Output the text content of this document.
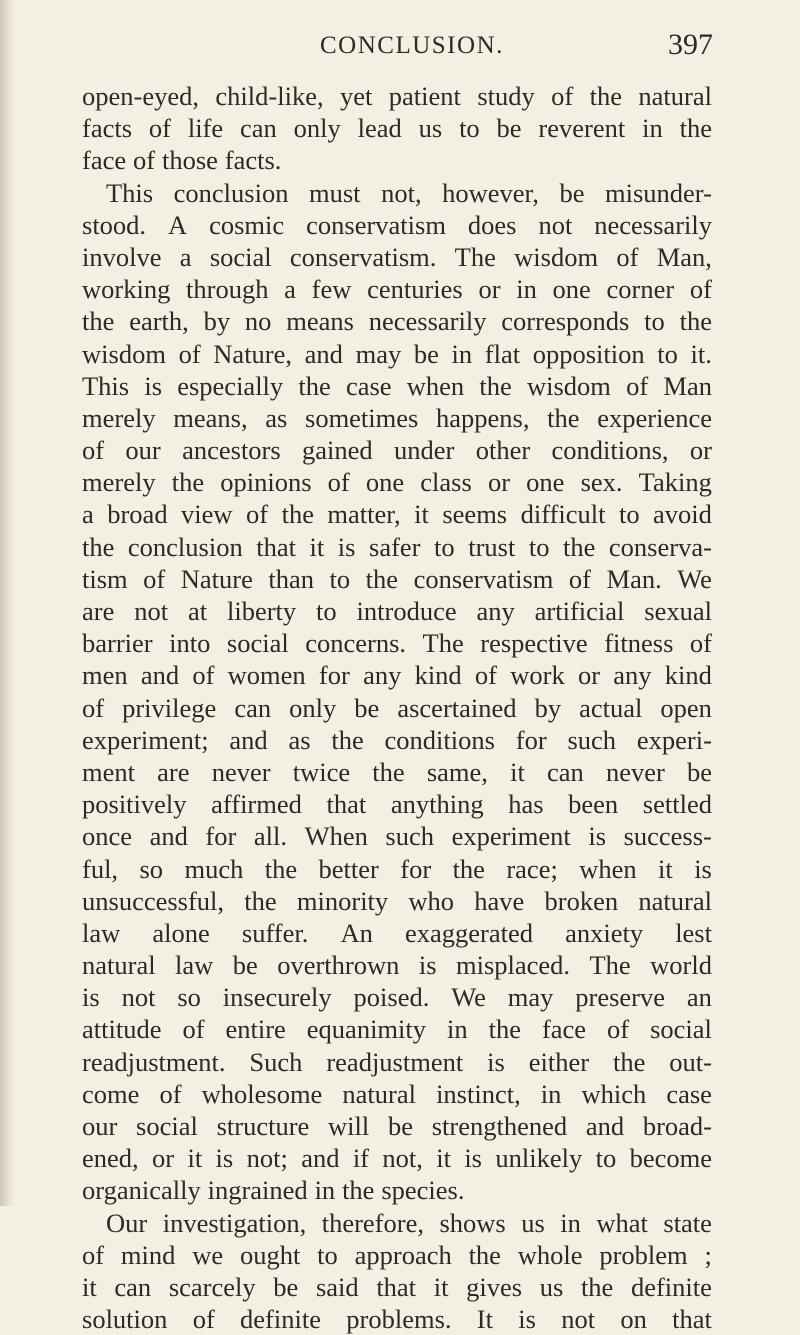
CONCLUSION.	397
open-eyed, child-like, yet patient study of the natural
facts of life can only lead us to be reverent in the
face of those facts.
This conclusion must not, however, be misunder-
stood. A cosmic conservatism does not necessarily
involve a social conservatism. The wisdom of Man,
working through a few centuries or in one corner of
the earth, by no means necessarily corresponds to the
wisdom of Nature, and may be in flat opposition to it.
This is especially the case when the wisdom of Man
merely means, as sometimes happens, the experience
of our ancestors gained under other conditions, or
merely the opinions of one class or one sex. Taking
a broad view of the matter, it seems difficult to avoid
the conclusion that it is safer to trust to the conserva-
tism of Nature than to the conservatism of Man. We
are not at liberty to introduce any artificial sexual
barrier into social concerns. The respective fitness of
men and of women for any kind of work or any kind
of privilege can only be ascertained by actual open
experiment; and as the conditions for such experi-
ment are never twice the same, it can never be
positively affirmed that anything has been settled
once and for all. When such experiment is success-
ful, so much the better for the race; when it is
unsuccessful, the minority who have broken natural
law alone suffer. An exaggerated anxiety lest
natural law be overthrown is misplaced. The world
is not so insecurely poised. We may preserve an
attitude of entire equanimity in the face of social
readjustment. Such readjustment is either the out-
come of wholesome natural instinct, in which case
our social structure will be strengthened and broad-
ened, or it is not; and if not, it is unlikely to become
organically ingrained in the species.
Our investigation, therefore, shows us in what state
of mind we ought to approach the whole problem ;
it can scarcely be said that it gives us the definite
solution of definite problems. It is not on that
